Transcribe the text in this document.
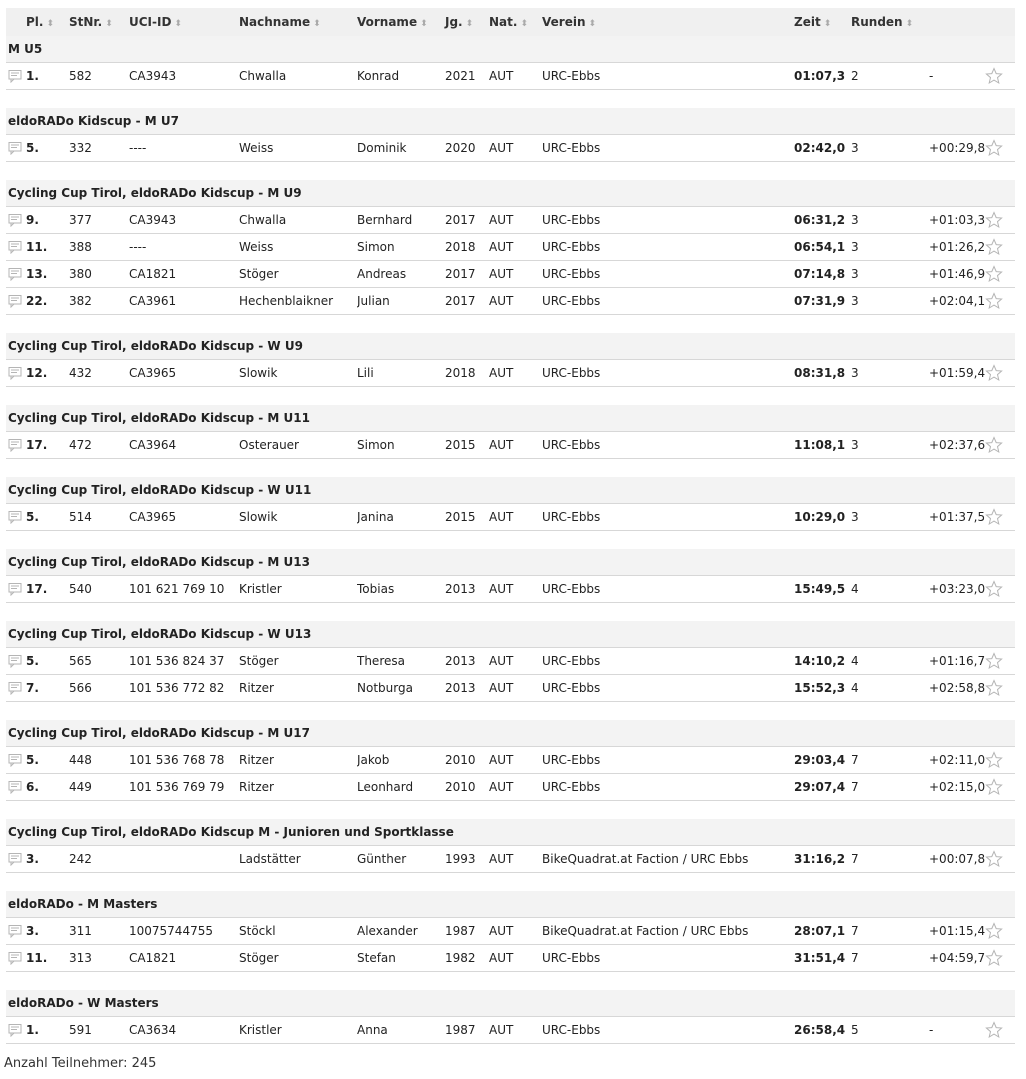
Pl. ⬍	StNr. ⬍	UCI-ID ⬍	Nachname ⬍	Vorname ⬍	Jg. ⬍	Nat. ⬍	Verein ⬍	Zeit ⬍	Runden ⬍		
M U5											
1.	582	CA3943	Chwalla	Konrad	2021	AUT	URC-Ebbs	01:07,3	2	-	

eldoRADo Kidscup - M U7											
5.	332	----	Weiss	Dominik	2020	AUT	URC-Ebbs	02:42,0	3	+00:29,8	

Cycling Cup Tirol, eldoRADo Kidscup - M U9											
9.	377	CA3943	Chwalla	Bernhard	2017	AUT	URC-Ebbs	06:31,2	3	+01:03,3	
11.	388	----	Weiss	Simon	2018	AUT	URC-Ebbs	06:54,1	3	+01:26,2	
13.	380	CA1821	Stöger	Andreas	2017	AUT	URC-Ebbs	07:14,8	3	+01:46,9	
22.	382	CA3961	Hechenblaikner	Julian	2017	AUT	URC-Ebbs	07:31,9	3	+02:04,1	

Cycling Cup Tirol, eldoRADo Kidscup - W U9											
12.	432	CA3965	Slowik	Lili	2018	AUT	URC-Ebbs	08:31,8	3	+01:59,4	

Cycling Cup Tirol, eldoRADo Kidscup - M U11											
17.	472	CA3964	Osterauer	Simon	2015	AUT	URC-Ebbs	11:08,1	3	+02:37,6	

Cycling Cup Tirol, eldoRADo Kidscup - W U11											
5.	514	CA3965	Slowik	Janina	2015	AUT	URC-Ebbs	10:29,0	3	+01:37,5	

Cycling Cup Tirol, eldoRADo Kidscup - M U13											
17.	540	101 621 769 10	Kristler	Tobias	2013	AUT	URC-Ebbs	15:49,5	4	+03:23,0	

Cycling Cup Tirol, eldoRADo Kidscup - W U13											
5.	565	101 536 824 37	Stöger	Theresa	2013	AUT	URC-Ebbs	14:10,2	4	+01:16,7	
7.	566	101 536 772 82	Ritzer	Notburga	2013	AUT	URC-Ebbs	15:52,3	4	+02:58,8	

Cycling Cup Tirol, eldoRADo Kidscup - M U17											
5.	448	101 536 768 78	Ritzer	Jakob	2010	AUT	URC-Ebbs	29:03,4	7	+02:11,0	
6.	449	101 536 769 79	Ritzer	Leonhard	2010	AUT	URC-Ebbs	29:07,4	7	+02:15,0	

Cycling Cup Tirol, eldoRADo Kidscup M - Junioren und Sportklasse											
3.	242		Ladstätter	Günther	1993	AUT	BikeQuadrat.at Faction / URC Ebbs	31:16,2	7	+00:07,8	

eldoRADo - M Masters											
3.	311	10075744755	Stöckl	Alexander	1987	AUT	BikeQuadrat.at Faction / URC Ebbs	28:07,1	7	+01:15,4	
11.	313	CA1821	Stöger	Stefan	1982	AUT	URC-Ebbs	31:51,4	7	+04:59,7	

eldoRADo - W Masters											
1.	591	CA3634	Kristler	Anna	1987	AUT	URC-Ebbs	26:58,4	5	-	
Anzahl Teilnehmer: 245
